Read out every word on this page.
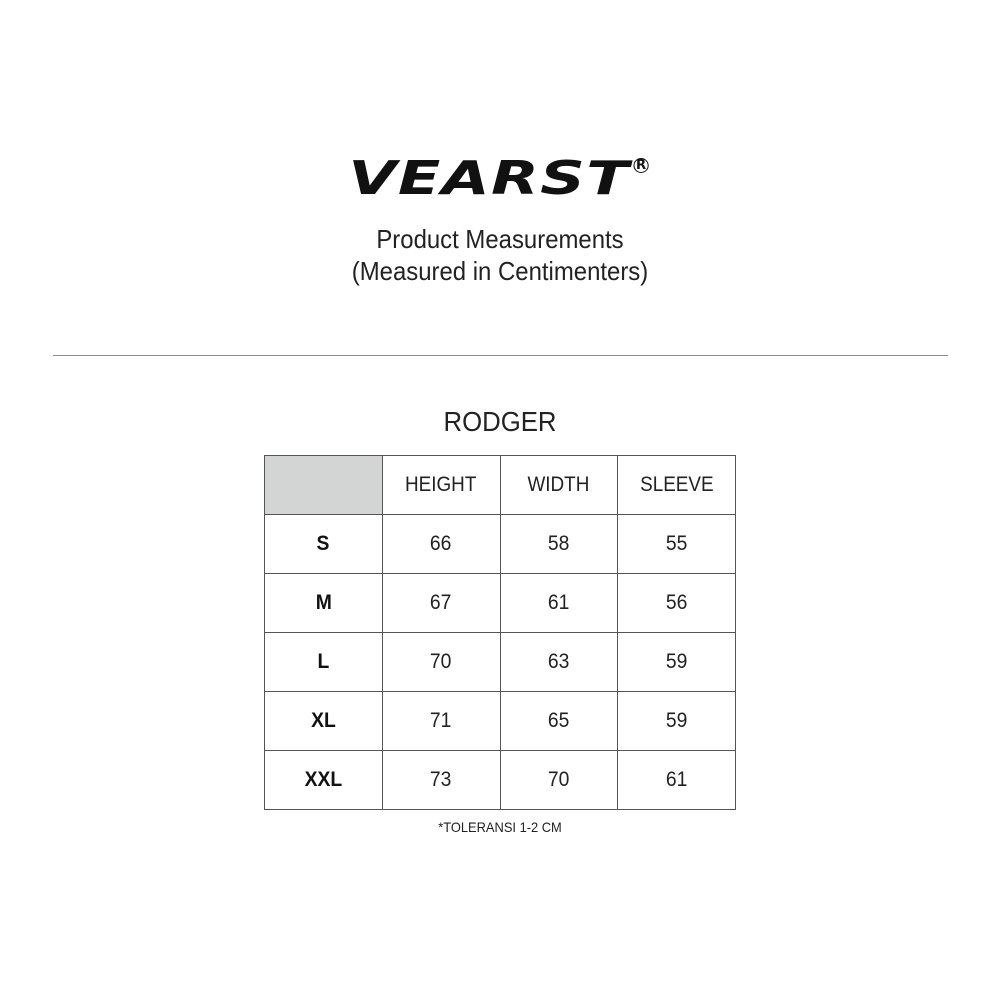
VEARST R
Product Measurements
(Measured in Centimenters)
RODGER
	HEIGHT	WIDTH	SLEEVE
S	66	58	55
M	67	61	56
L	70	63	59
XL	71	65	59
XXL	73	70	61
*TOLERANSI 1-2 CM
